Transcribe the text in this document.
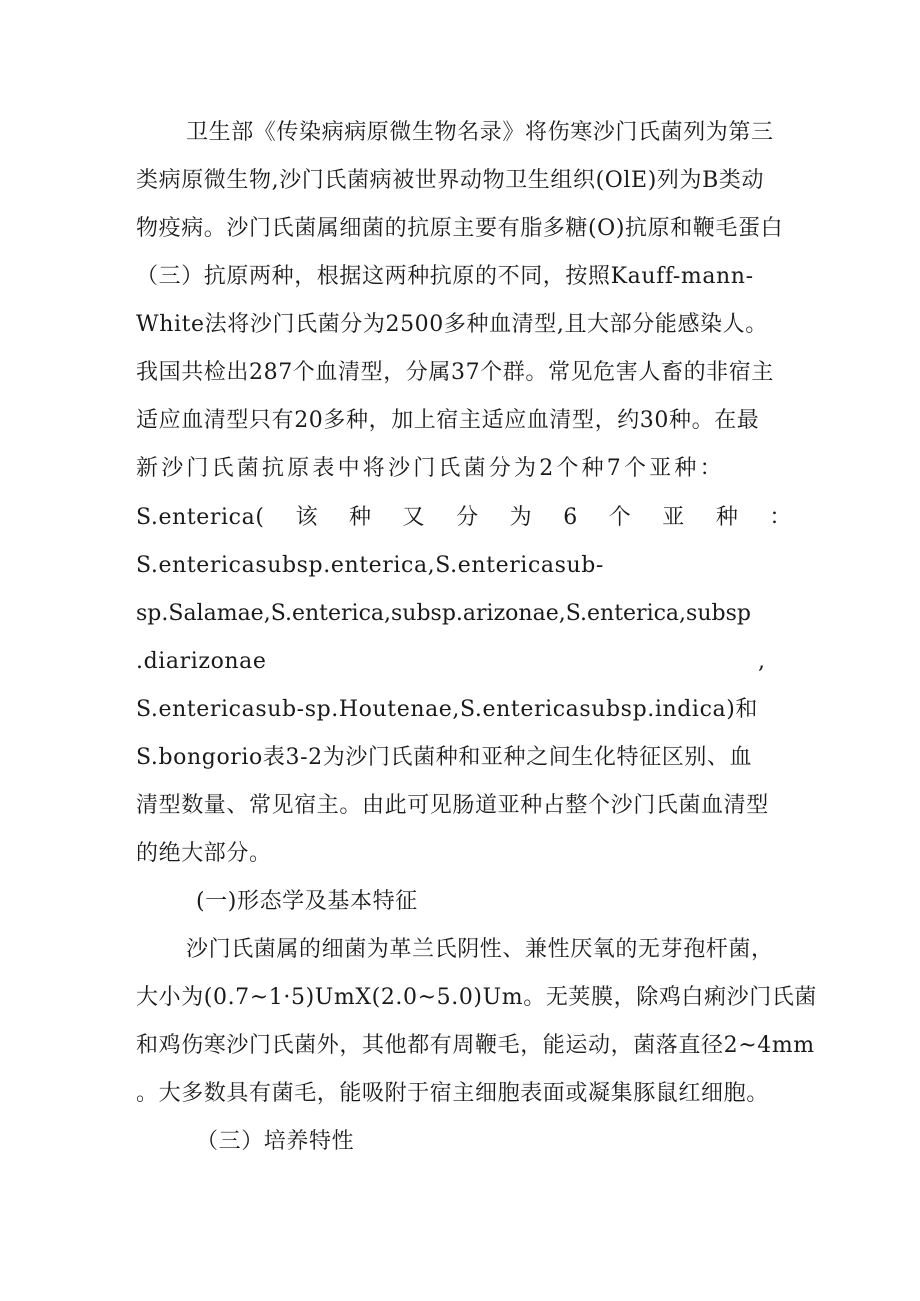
卫生部《传染病病原微生物名录》将伤寒沙门氏菌列为第三
类病原微生物,沙门氏菌病被世界动物卫生组织(OlE)列为B类动
物疫病。沙门氏菌属细菌的抗原主要有脂多糖(O)抗原和鞭毛蛋白
（三）抗原两种，根据这两种抗原的不同，按照Kauff-mann-
White法将沙门氏菌分为2500多种血清型,且大部分能感染人。
我国共检出287个血清型，分属37个群。常见危害人畜的非宿主
适应血清型只有20多种，加上宿主适应血清型，约30种。在最
新沙门氏菌抗原表中将沙门氏菌分为2个种7个亚种：
S.enterica( 该 种 又 分 为 6 个 亚 种 ：
S.entericasubsp.enterica,S.entericasub-
sp.Salamae,S.enterica,subsp.arizonae,S.enterica,subsp
.diarizonae	,
S.entericasub-sp.Houtenae,S.entericasubsp.indica)和
S.bongorio表3-2为沙门氏菌种和亚种之间生化特征区别、血
清型数量、常见宿主。由此可见肠道亚种占整个沙门氏菌血清型
的绝大部分。
(一)形态学及基本特征
沙门氏菌属的细菌为革兰氏阴性、兼性厌氧的无芽孢杆菌，
大小为(0.7~1·5)UmX(2.0~5.0)Um。无荚膜，除鸡白痢沙门氏菌
和鸡伤寒沙门氏菌外，其他都有周鞭毛，能运动，菌落直径2~4mm
。大多数具有菌毛，能吸附于宿主细胞表面或凝集豚鼠红细胞。
（三）培养特性
